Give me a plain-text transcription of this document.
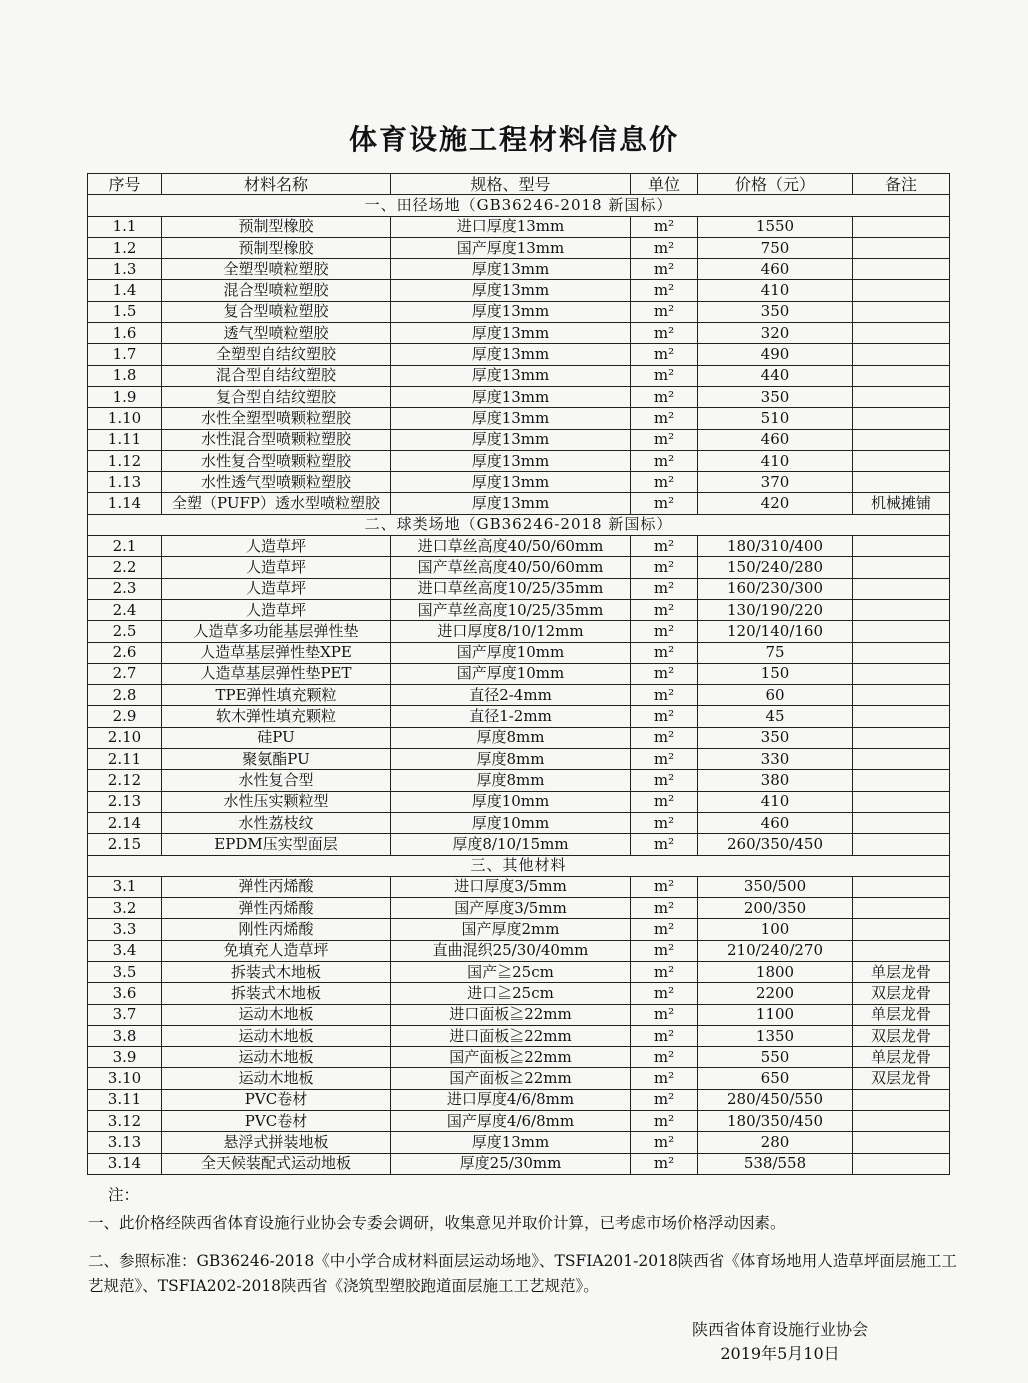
体育设施工程材料信息价
序号	材料名称	规格、型号	单位	价格（元）	备注
一、田径场地（GB36246-2018 新国标）					
1.1	预制型橡胶	进口厚度13mm	m²	1550	
1.2	预制型橡胶	国产厚度13mm	m²	750	
1.3	全塑型喷粒塑胶	厚度13mm	m²	460	
1.4	混合型喷粒塑胶	厚度13mm	m²	410	
1.5	复合型喷粒塑胶	厚度13mm	m²	350	
1.6	透气型喷粒塑胶	厚度13mm	m²	320	
1.7	全塑型自结纹塑胶	厚度13mm	m²	490	
1.8	混合型自结纹塑胶	厚度13mm	m²	440	
1.9	复合型自结纹塑胶	厚度13mm	m²	350	
1.10	水性全塑型喷颗粒塑胶	厚度13mm	m²	510	
1.11	水性混合型喷颗粒塑胶	厚度13mm	m²	460	
1.12	水性复合型喷颗粒塑胶	厚度13mm	m²	410	
1.13	水性透气型喷颗粒塑胶	厚度13mm	m²	370	
1.14	全塑（PUFP）透水型喷粒塑胶	厚度13mm	m²	420	机械摊铺
二、球类场地（GB36246-2018 新国标）					
2.1	人造草坪	进口草丝高度40/50/60mm	m²	180/310/400	
2.2	人造草坪	国产草丝高度40/50/60mm	m²	150/240/280	
2.3	人造草坪	进口草丝高度10/25/35mm	m²	160/230/300	
2.4	人造草坪	国产草丝高度10/25/35mm	m²	130/190/220	
2.5	人造草多功能基层弹性垫	进口厚度8/10/12mm	m²	120/140/160	
2.6	人造草基层弹性垫XPE	国产厚度10mm	m²	75	
2.7	人造草基层弹性垫PET	国产厚度10mm	m²	150	
2.8	TPE弹性填充颗粒	直径2-4mm	m²	60	
2.9	软木弹性填充颗粒	直径1-2mm	m²	45	
2.10	硅PU	厚度8mm	m²	350	
2.11	聚氨酯PU	厚度8mm	m²	330	
2.12	水性复合型	厚度8mm	m²	380	
2.13	水性压实颗粒型	厚度10mm	m²	410	
2.14	水性荔枝纹	厚度10mm	m²	460	
2.15	EPDM压实型面层	厚度8/10/15mm	m²	260/350/450	
三、其他材料					
3.1	弹性丙烯酸	进口厚度3/5mm	m²	350/500	
3.2	弹性丙烯酸	国产厚度3/5mm	m²	200/350	
3.3	刚性丙烯酸	国产厚度2mm	m²	100	
3.4	免填充人造草坪	直曲混织25/30/40mm	m²	210/240/270	
3.5	拆装式木地板	国产≧25cm	m²	1800	单层龙骨
3.6	拆装式木地板	进口≧25cm	m²	2200	双层龙骨
3.7	运动木地板	进口面板≧22mm	m²	1100	单层龙骨
3.8	运动木地板	进口面板≧22mm	m²	1350	双层龙骨
3.9	运动木地板	国产面板≧22mm	m²	550	单层龙骨
3.10	运动木地板	国产面板≧22mm	m²	650	双层龙骨
3.11	PVC卷材	进口厚度4/6/8mm	m²	280/450/550	
3.12	PVC卷材	国产厚度4/6/8mm	m²	180/350/450	
3.13	悬浮式拼装地板	厚度13mm	m²	280	
3.14	全天候装配式运动地板	厚度25/30mm	m²	538/558	

注：

一、此价格经陕西省体育设施行业协会专委会调研，收集意见并取价计算，已考虑市场价格浮动因素。

二、参照标准：GB36246-2018《中小学合成材料面层运动场地》、TSFIA201-2018陕西省《体育场地用人造草坪面层施工工艺规范》、TSFIA202-2018陕西省《浇筑型塑胶跑道面层施工工艺规范》。

陕西省体育设施行业协会
2019年5月10日
